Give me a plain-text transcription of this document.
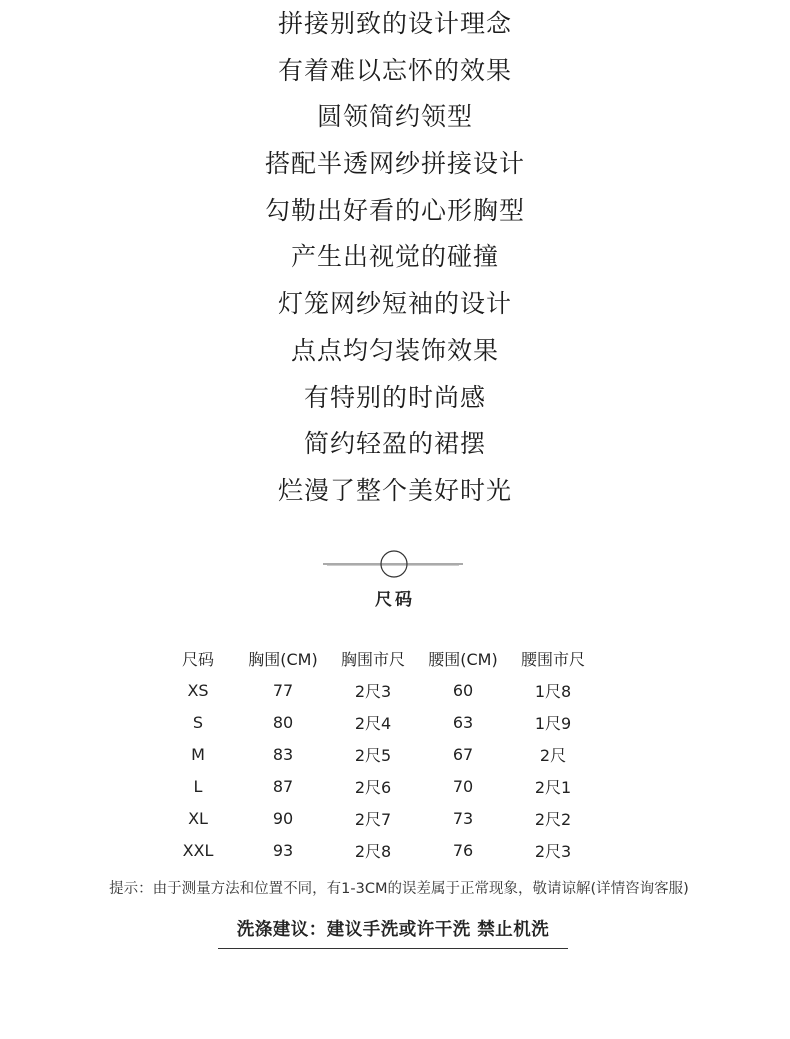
拼接别致的设计理念
有着难以忘怀的效果
圆领简约领型
搭配半透网纱拼接设计
勾勒出好看的心形胸型
产生出视觉的碰撞
灯笼网纱短袖的设计
点点均匀装饰效果
有特别的时尚感
简约轻盈的裙摆
烂漫了整个美好时光
尺码
尺码	胸围(CM)	胸围市尺	腰围(CM)	腰围市尺
XS	77	2尺3	60	1尺8
S	80	2尺4	63	1尺9
M	83	2尺5	67	2尺
L	87	2尺6	70	2尺1
XL	90	2尺7	73	2尺2
XXL	93	2尺8	76	2尺3
提示：由于测量方法和位置不同，有1-3CM的误差属于正常现象，敬请谅解(详情咨询客服)
洗涤建议：建议手洗或许干洗 禁止机洗
